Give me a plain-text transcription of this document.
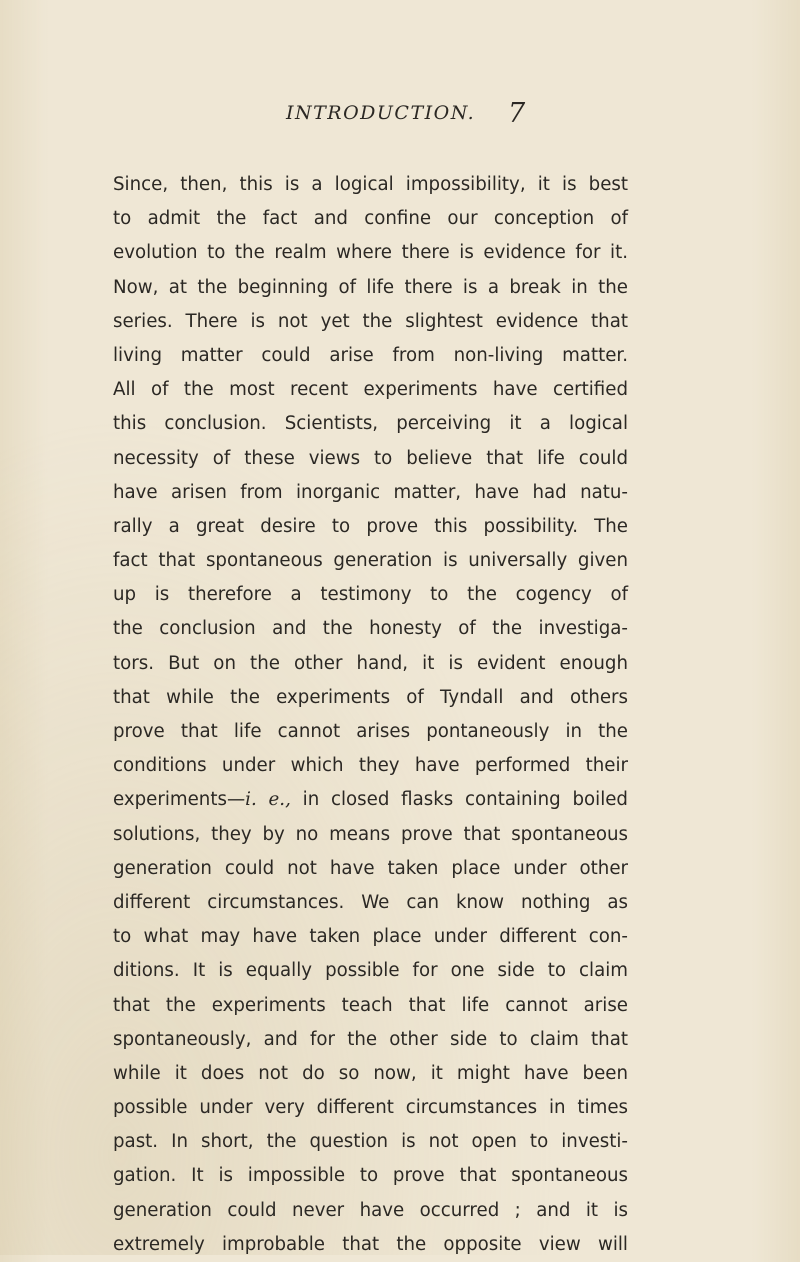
INTRODUCTION. 7
Since, then, this is a logical impossibility, it is best
to admit the fact and confine our conception of
evolution to the realm where there is evidence for it.
Now, at the beginning of life there is a break in the
series. There is not yet the slightest evidence that
living matter could arise from non-living matter.
All of the most recent experiments have certified
this conclusion. Scientists, perceiving it a logical
necessity of these views to believe that life could
have arisen from inorganic matter, have had natu-
rally a great desire to prove this possibility. The
fact that spontaneous generation is universally given
up is therefore a testimony to the cogency of
the conclusion and the honesty of the investiga-
tors. But on the other hand, it is evident enough
that while the experiments of Tyndall and others
prove that life cannot arises pontaneously in the
conditions under which they have performed their
experiments—i. e., in closed flasks containing boiled
solutions, they by no means prove that spontaneous
generation could not have taken place under other
different circumstances. We can know nothing as
to what may have taken place under different con-
ditions. It is equally possible for one side to claim
that the experiments teach that life cannot arise
spontaneously, and for the other side to claim that
while it does not do so now, it might have been
possible under very different circumstances in times
past. In short, the question is not open to investi-
gation. It is impossible to prove that spontaneous
generation could never have occurred ; and it is
extremely improbable that the opposite view will
